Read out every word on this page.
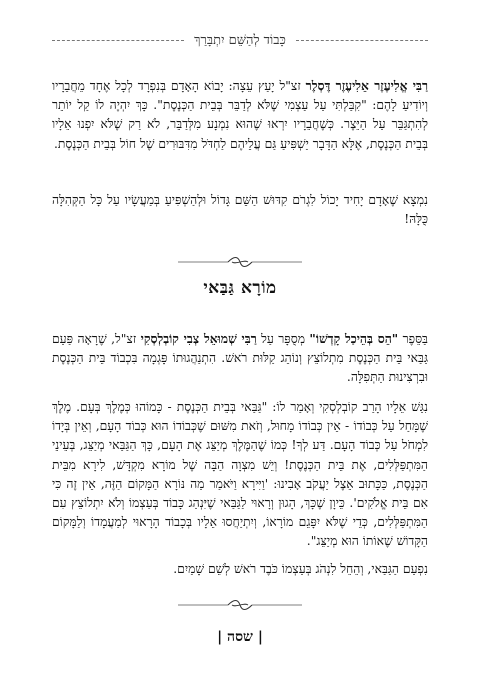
כָּבוֹד לְהַשֵּׁם יִתְבָּרַךְ

רַבִּי אֱלִיעֶזֶר אֵלִיעֶזֶר דֶּסְלֶר זצ"ל יָעַץ עֵצָה: יָבוֹא הָאָדָם בְּנִפְרָד לְכָל אֶחָד מֵחֲבֵרָיו וְיוֹדִיעַ לָהֶם: "קִבַּלְתִּי עַל עַצְמִי שֶׁלֹּא לְדַבֵּר בְּבֵית הַכְּנֶסֶת". כָּךְ יִהְיֶה לוֹ קַל יוֹתֵר לְהִתְגַּבֵּר עַל הַיֵּצֶר. כְּשֶׁחֲבֵרָיו יִרְאוּ שֶׁהוּא נִמְנָע מִלְּדַבֵּר, לֹא רַק שֶׁלֹּא יִפְנוּ אֵלָיו בְּבֵית הַכְּנֶסֶת, אֶלָּא הַדָּבָר יַשְׁפִּיעַ גַּם עֲלֵיהֶם לַחְדֹּל מִדִּבּוּרִים שֶׁל חוֹל בְּבֵית הַכְּנֶסֶת.

נִמְצָא שֶׁאָדָם יָחִיד יָכוֹל לִגְרֹם קִדּוּשׁ הַשֵּׁם גָּדוֹל וּלְהַשְׁפִּיעַ בְּמַעֲשָׂיו עַל כָּל הַקְּהִלָּה כֻּלָּהּ!

מוֹרָא גַּבַּאי

בַּסֵּפֶר "הֵס בְּהֵיכַל קָדְשׁוֹ" מְסֻפָּר עַל רַבִּי שְׁמוּאֵל צְבִי קוֹבְלְסְקִי זצ"ל, שֶׁרָאָה פַּעַם גַּבַּאי בֵּית הַכְּנֶסֶת מִתְלוֹצֵץ וְנוֹהֵג קַלּוּת רֹאשׁ. הִתְנַהֲגוּתוֹ פָּגְמָה בִּכְבוֹד בֵּית הַכְּנֶסֶת וּבִרְצִינוּת הַתְּפִלָּה.

נִגַּשׁ אֵלָיו הָרַב קוֹבְלְסְקִי וְאָמַר לוֹ: "גַּבַּאי בְּבֵית הַכְּנֶסֶת - כָּמוֹהוּ כְּמֶלֶךְ בְּעָם. מֶלֶךְ שֶׁמָּחַל עַל כְּבוֹדוֹ - אֵין כְּבוֹדוֹ מָחוּל, וְזֹאת מִשּׁוּם שֶׁכְּבוֹדוֹ הוּא כְּבוֹד הָעָם, וְאֵין בְּיָדוֹ לִמְחֹל עַל כְּבוֹד הָעָם. דַּע לְךָ! כְּמוֹ שֶׁהַמֶּלֶךְ מְיַצֵּג אֶת הָעָם, כָּךְ הַגַּבַּאי מְיַצֵּג, בְּעֵינֵי הַמִּתְפַּלְּלִים, אֶת בֵּית הַכְּנֶסֶת! וְיֵשׁ מִצְוָה הַבָּה שֶׁל מוֹרָא מִקְדָּשׁ, לִירָא מִבֵּית הַכְּנֶסֶת, כַּכָּתוּב אֵצֶל יַעֲקֹב אָבִינוּ: 'וַיִּירָא וַיֹּאמַר מַה נּוֹרָא הַמָּקוֹם הַזֶּה, אֵין זֶה כִּי אִם בֵּית אֱלֹקִים'. כֵּיוָן שֶׁכָּךְ, הָגוּן וְרָאוּי לַגַּבַּאי שֶׁיִּנְהַג כָּבוֹד בְּעַצְמוֹ וְלֹא יִתְלוֹצֵץ עִם הַמִּתְפַּלְּלִים, כְּדֵי שֶׁלֹּא יִפָּגֵם מוֹרָאוֹ, וְיִתְיַחֲסוּ אֵלָיו בְּכָבוֹד הָרָאוּי לְמַעֲמָדוֹ וְלַמָּקוֹם הַקָּדוֹשׁ שֶׁאוֹתוֹ הוּא מְיַצֵּג".

נִפְעַם הַגַּבַּאי, וְהֵחֵל לִנְהֹג בְּעַצְמוֹ כֹּבֶד רֹאשׁ לְשֵׁם שָׁמַיִם.

| שסה |
